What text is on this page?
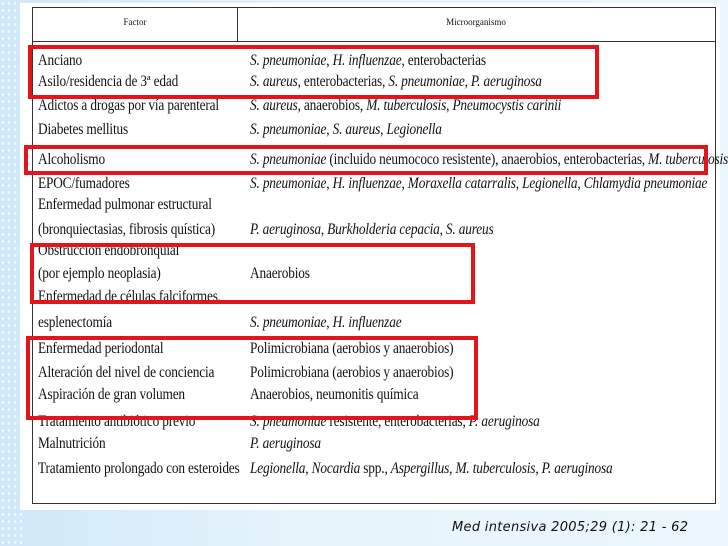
Factor	Microorganismo
Anciano	S. pneumoniae, H. influenzae, enterobacterias
Asilo/residencia de 3ª edad	S. aureus, enterobacterias, S. pneumoniae, P. aeruginosa
Adictos a drogas por vía parenteral S. aureus, anaerobios, M. tuberculosis, Pneumocystis carinii
Diabetes mellitus	S. pneumoniae, S. aureus, Legionella
Alcoholismo	S. pneumoniae (incluido neumococo resistente), anaerobios, enterobacterias, M. tuberculosis
EPOC/fumadores	S. pneumoniae, H. influenzae, Moraxella catarralis, Legionella, Chlamydia pneumoniae
Enfermedad pulmonar estructural
(bronquiectasias, fibrosis quística) P. aeruginosa, Burkholderia cepacia, S. aureus
Obstrucción endobronquial
(por ejemplo neoplasia)	Anaerobios
Enfermedad de células falciformes,
esplenectomía	S. pneumoniae, H. influenzae
Enfermedad periodontal	Polimicrobiana (aerobios y anaerobios)
Alteración del nivel de conciencia Polimicrobiana (aerobios y anaerobios)
Aspiración de gran volumen	Anaerobios, neumonitis química
Tratamiento antibiótico previo	S. pneumoniae resistente, enterobacterias, P. aeruginosa
Malnutrición	P. aeruginosa
Tratamiento prolongado con esteroides Legionella, Nocardia spp., Aspergillus, M. tuberculosis, P. aeruginosa
Med intensiva 2005;29 (1): 21 - 62
